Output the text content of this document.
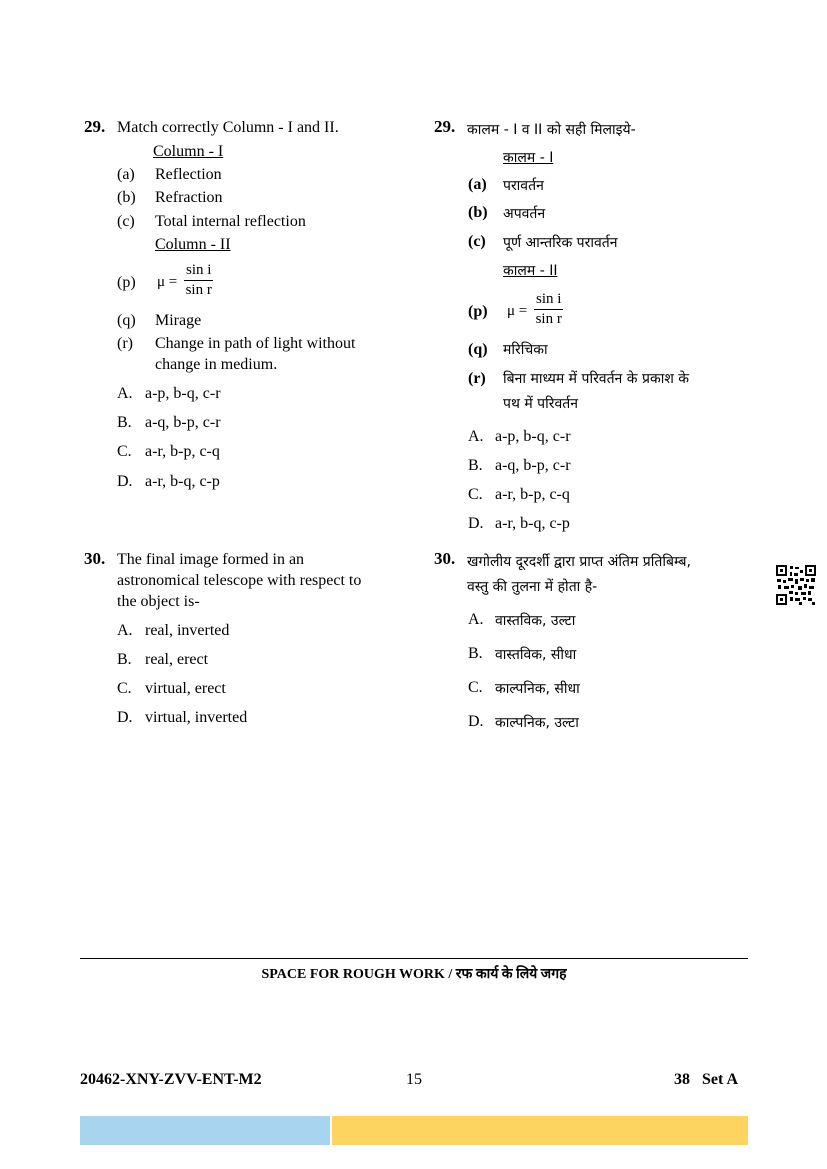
29. Match correctly Column - I and II.
Column - I
(a) Reflection
(b) Refraction
(c) Total internal reflection
Column - II
(p) $\mu = \frac{\text{sin i}}{\text{sin r}}$
(q) Mirage
(r) Change in path of light without
change in medium.
A. a-p, b-q, c-r
B. a-q, b-p, c-r
C. a-r, b-p, c-q
D. a-r, b-q, c-p
29. कालम - I व II को सही मिलाइये-
कालम - I
(a) परावर्तन
(b) अपवर्तन
(c) पूर्ण आन्तरिक परावर्तन
कालम - II
(p) $\mu = \frac{\text{sin i}}{\text{sin r}}$
(q) मरिचिका
(r) बिना माध्यम में परिवर्तन के प्रकाश के
पथ में परिवर्तन
A. a-p, b-q, c-r
B. a-q, b-p, c-r
C. a-r, b-p, c-q
D. a-r, b-q, c-p
30. The final image formed in an
astronomical telescope with respect to
the object is-
A. real, inverted
B. real, erect
C. virtual, erect
D. virtual, inverted
30. खगोलीय दूरदर्शी द्वारा प्राप्त अंतिम प्रतिबिम्ब,
वस्तु की तुलना में होता है-
A. वास्तविक, उल्टा
B. वास्तविक, सीधा
C. काल्पनिक, सीधा
D. काल्पनिक, उल्टा
SPACE FOR ROUGH WORK / रफ कार्य के लिये जगह
20462-XNY-ZVV-ENT-M2	15	38   Set A
